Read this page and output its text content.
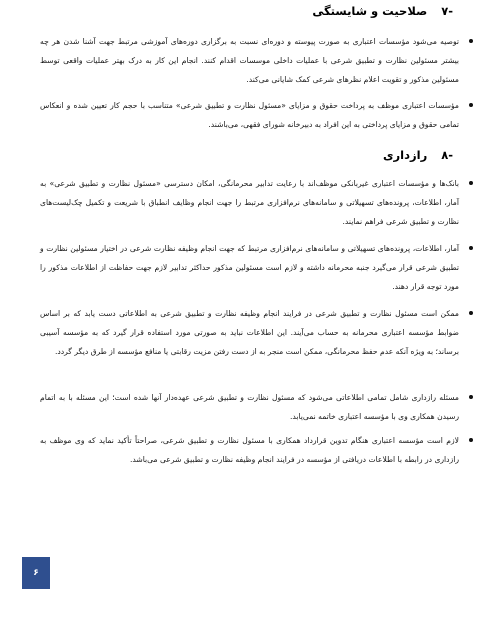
-۷صلاحیت و شایستگی
توصیه می‌شود مؤسسات اعتباری به صورت پیوسته و دوره‌ای نسبت به برگزاری دوره‌های آموزشی مرتبط جهت آشنا شدن هر چه بیشتر مسئولین نظارت و تطبیق شرعی با عملیات داخلی موسسات اقدام کنند. انجام این کار به درک بهتر عملیات واقعی توسط مسئولین مذکور و تقویت اعلام نظرهای شرعی کمک شایانی می‌کند.
مؤسسات اعتباری موظف به پرداخت حقوق و مزایای «مسئول نظارت و تطبیق شرعی» متناسب با حجم کار تعیین شده و انعکاس تمامی حقوق و مزایای پرداختی به این افراد به دبیرخانه شورای فقهی، می‌باشند.
-۸رازداری
بانک‌ها و مؤسسات اعتباری غیربانکی موظف‌اند با رعایت تدابیر محرمانگی، امکان دسترسی «مسئول نظارت و تطبیق شرعی» به آمار، اطلاعات، پرونده‌های تسهیلاتی و سامانه‌های نرم‌افزاری مرتبط را جهت انجام وظایف انطباق با شریعت و تکمیل چک‌لیست‌های نظارت و تطبیق شرعی فراهم نمایند.
آمار، اطلاعات، پرونده‌های تسهیلاتی و سامانه‌های نرم‌افزاری مرتبط که جهت انجام وظیفه نظارت شرعی در اختیار مسئولین نظارت و تطبیق شرعی قرار می‌گیرد جنبه محرمانه داشته و لازم است مسئولین مذکور حداکثر تدابیر لازم جهت حفاظت از اطلاعات مذکور را مورد توجه قرار دهند.
ممکن است مسئول نظارت و تطبیق شرعی در فرایند انجام وظیفه نظارت و تطبیق شرعی به اطلاعاتی دست یابد که بر اساس ضوابط مؤسسه اعتباری محرمانه به حساب می‌آیند. این اطلاعات نباید به صورتی مورد استفاده قرار گیرد که به مؤسسه آسیبی برساند؛ به ویژه آنکه عدم حفظ محرمانگی، ممکن است منجر به از دست رفتن مزیت رقابتی یا منافع مؤسسه از طرق دیگر گردد.
مسئله رازداری شامل تمامی اطلاعاتی می‌شود که مسئول نظارت و تطبیق شرعی عهده‌دار آنها شده است؛ این مسئله با به اتمام رسیدن همکاری وی با مؤسسه اعتباری خاتمه نمی‌یابد.
لازم است مؤسسه اعتباری هنگام تدوین قرارداد همکاری با مسئول نظارت و تطبیق شرعی، صراحتاً تأکید نماید که وی موظف به رازداری در رابطه با اطلاعات دریافتی از مؤسسه در فرایند انجام وظیفه نظارت و تطبیق شرعی می‌باشد.
۶
